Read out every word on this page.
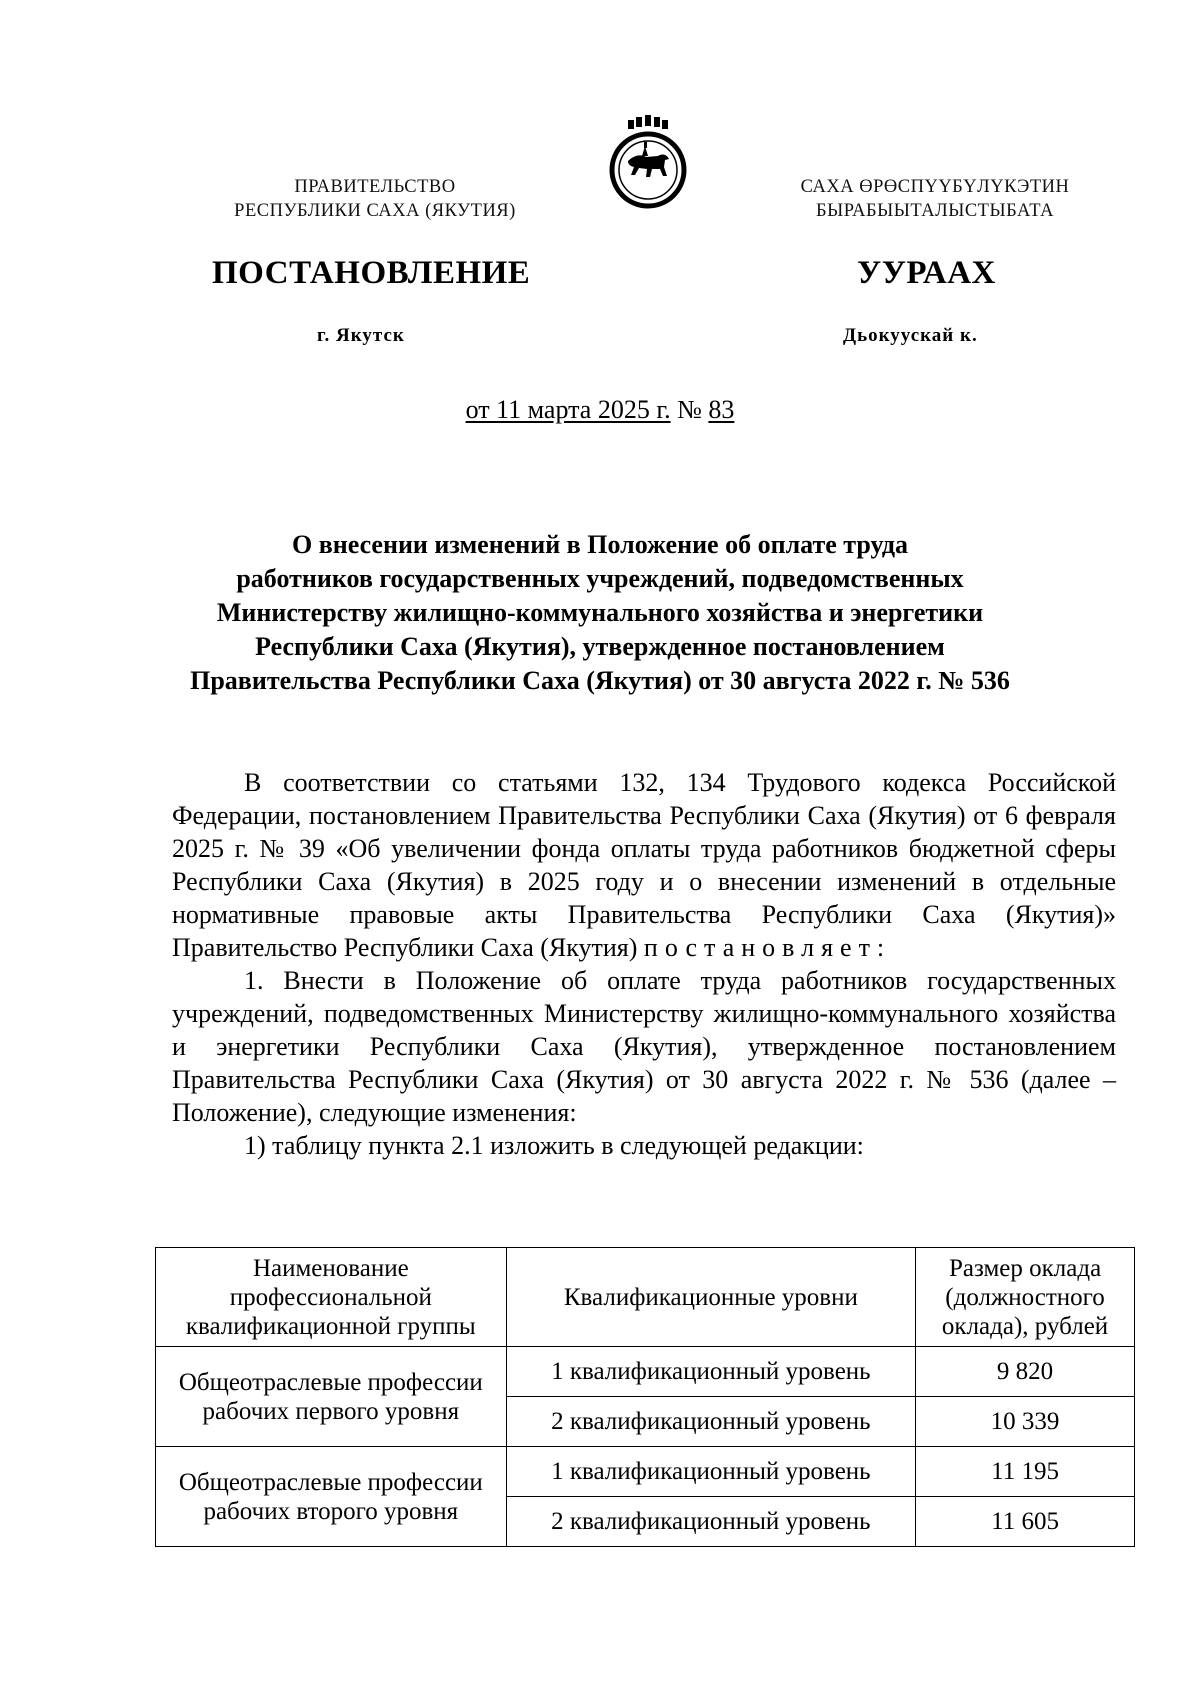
ПРАВИТЕЛЬСТВО
РЕСПУБЛИКИ САХА (ЯКУТИЯ)
САХА ӨРӨСПҮҮБҮЛҮКЭТИН
БЫРАБЫЫТАЛЫСТЫБАТА
ПОСТАНОВЛЕНИЕ	УУРААХ
г. Якутск	Дьокуускай к.
от 11 марта 2025 г. № 83
О внесении изменений в Положение об оплате труда
работников государственных учреждений, подведомственных
Министерству жилищно-коммунального хозяйства и энергетики
Республики Саха (Якутия), утвержденное постановлением
Правительства Республики Саха (Якутия) от 30 августа 2022 г. № 536

В соответствии со статьями 132, 134 Трудового кодекса Российской Федерации, постановлением Правительства Республики Саха (Якутия) от 6 февраля 2025 г. № 39 «Об увеличении фонда оплаты труда работников бюджетной сферы Республики Саха (Якутия) в 2025 году и о внесении изменений в отдельные нормативные правовые акты Правительства Республики Саха (Якутия)» Правительство Республики Саха (Якутия) постановляет:

1. Внести в Положение об оплате труда работников государственных учреждений, подведомственных Министерству жилищно-коммунального хозяйства и энергетики Республики Саха (Якутия), утвержденное постановлением Правительства Республики Саха (Якутия) от 30 августа 2022 г. № 536 (далее – Положение), следующие изменения:

1) таблицу пункта 2.1 изложить в следующей редакции:

Наименование профессиональной квалификационной группы	Квалификационные уровни	Размер оклада (должностного оклада), рублей
Общеотраслевые профессии рабочих первого уровня	1 квалификационный уровень	9 820
	2 квалификационный уровень	10 339
Общеотраслевые профессии рабочих второго уровня	1 квалификационный уровень	11 195
	2 квалификационный уровень	11 605
